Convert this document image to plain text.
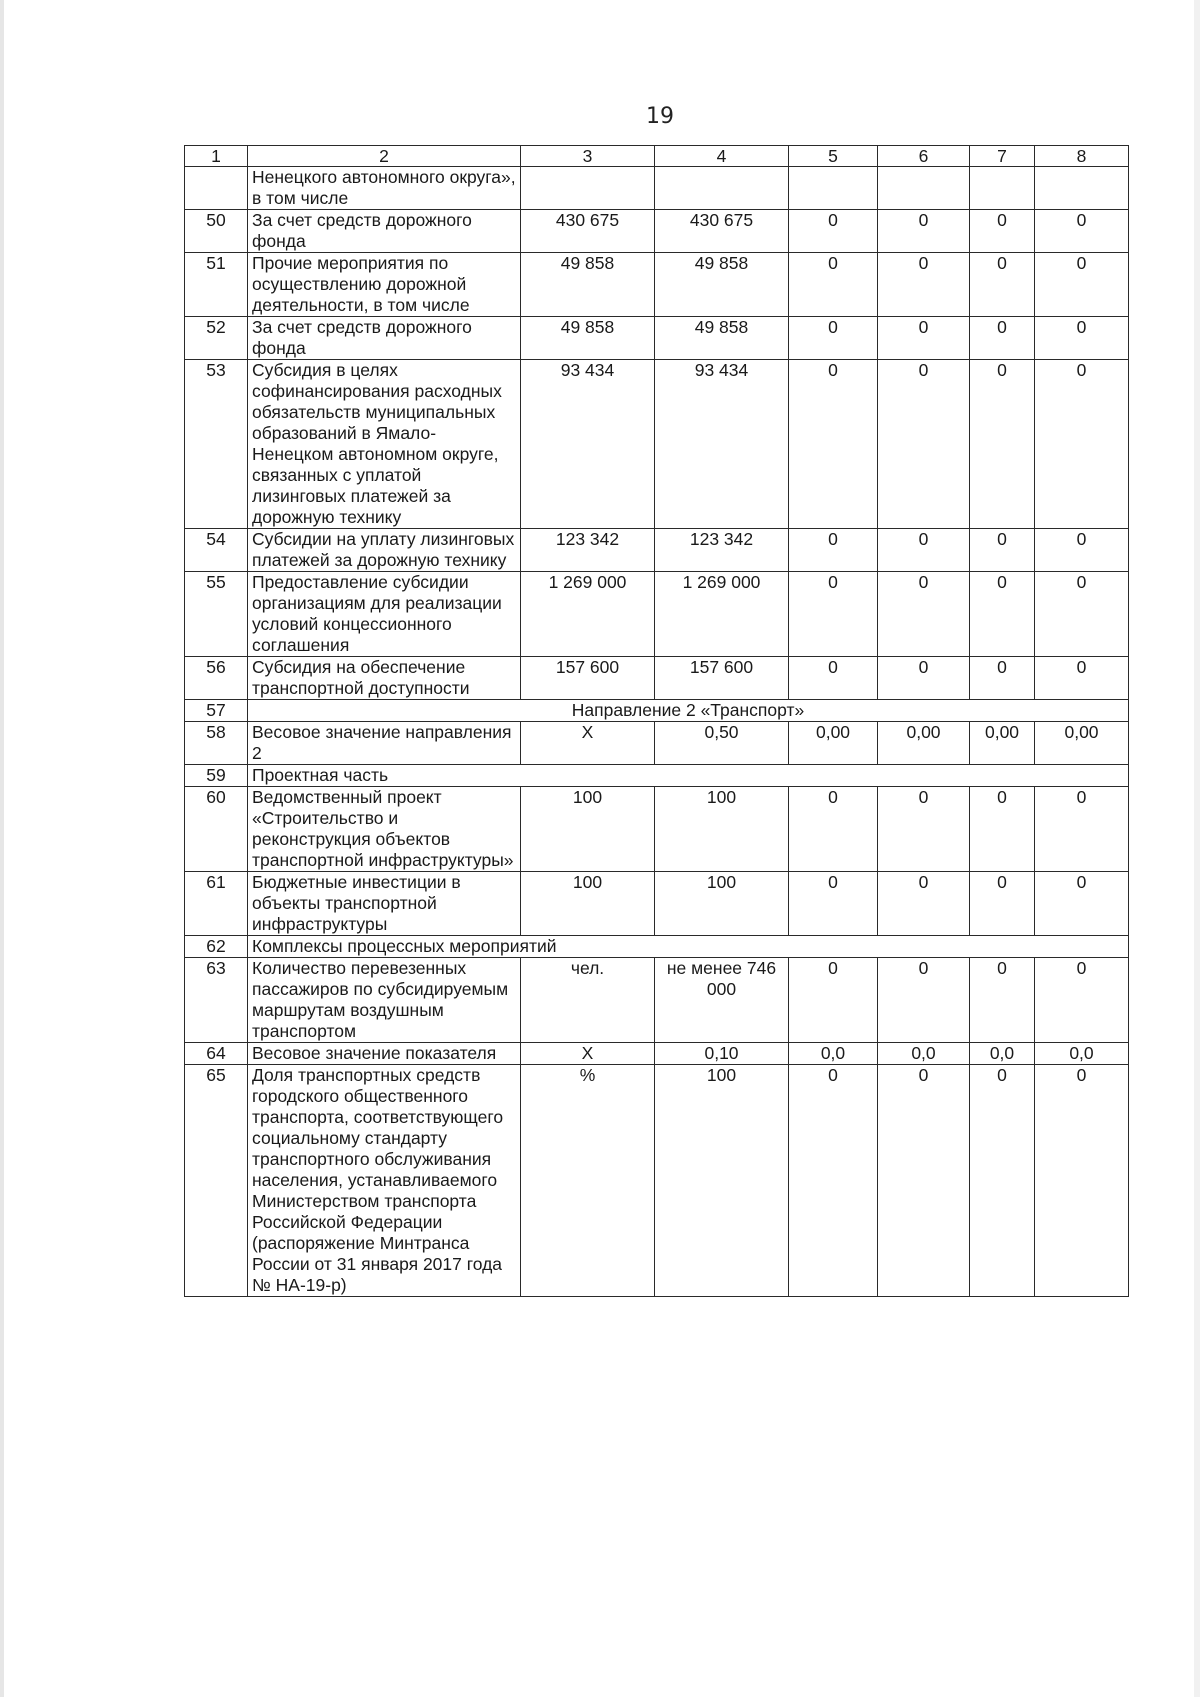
19
1	2	3	4	5	6	7	8
	Ненецкого автономного округа», в том числе						
50	За счет средств дорожного фонда	430 675	430 675	0	0	0	0
51	Прочие мероприятия по осуществлению дорожной деятельности, в том числе	49 858	49 858	0	0	0	0
52	За счет средств дорожного фонда	49 858	49 858	0	0	0	0
53	Субсидия в целях софинансирования расходных обязательств муниципальных образований в Ямало-Ненецком автономном округе, связанных с уплатой лизинговых платежей за дорожную технику	93 434	93 434	0	0	0	0
54	Субсидии на уплату лизинговых платежей за дорожную технику	123 342	123 342	0	0	0	0
55	Предоставление субсидии организациям для реализации условий концессионного соглашения	1 269 000	1 269 000	0	0	0	0
56	Субсидия на обеспечение транспортной доступности	157 600	157 600	0	0	0	0
57	Направление 2 «Транспорт»						
58	Весовое значение направления 2	X	0,50	0,00	0,00	0,00	0,00
59	Проектная часть						
60	Ведомственный проект «Строительство и реконструкция объектов транспортной инфраструктуры»	100	100	0	0	0	0
61	Бюджетные инвестиции в объекты транспортной инфраструктуры	100	100	0	0	0	0
62	Комплексы процессных мероприятий						
63	Количество перевезенных пассажиров по субсидируемым маршрутам воздушным транспортом	чел.	не менее 746 000	0	0	0	0
64	Весовое значение показателя	X	0,10	0,0	0,0	0,0	0,0
65	Доля транспортных средств городского общественного транспорта, соответствующего социальному стандарту транспортного обслуживания населения, устанавливаемого Министерством транспорта Российской Федерации (распоряжение Минтранса России от 31 января 2017 года № НА-19-р)	%	100	0	0	0	0
